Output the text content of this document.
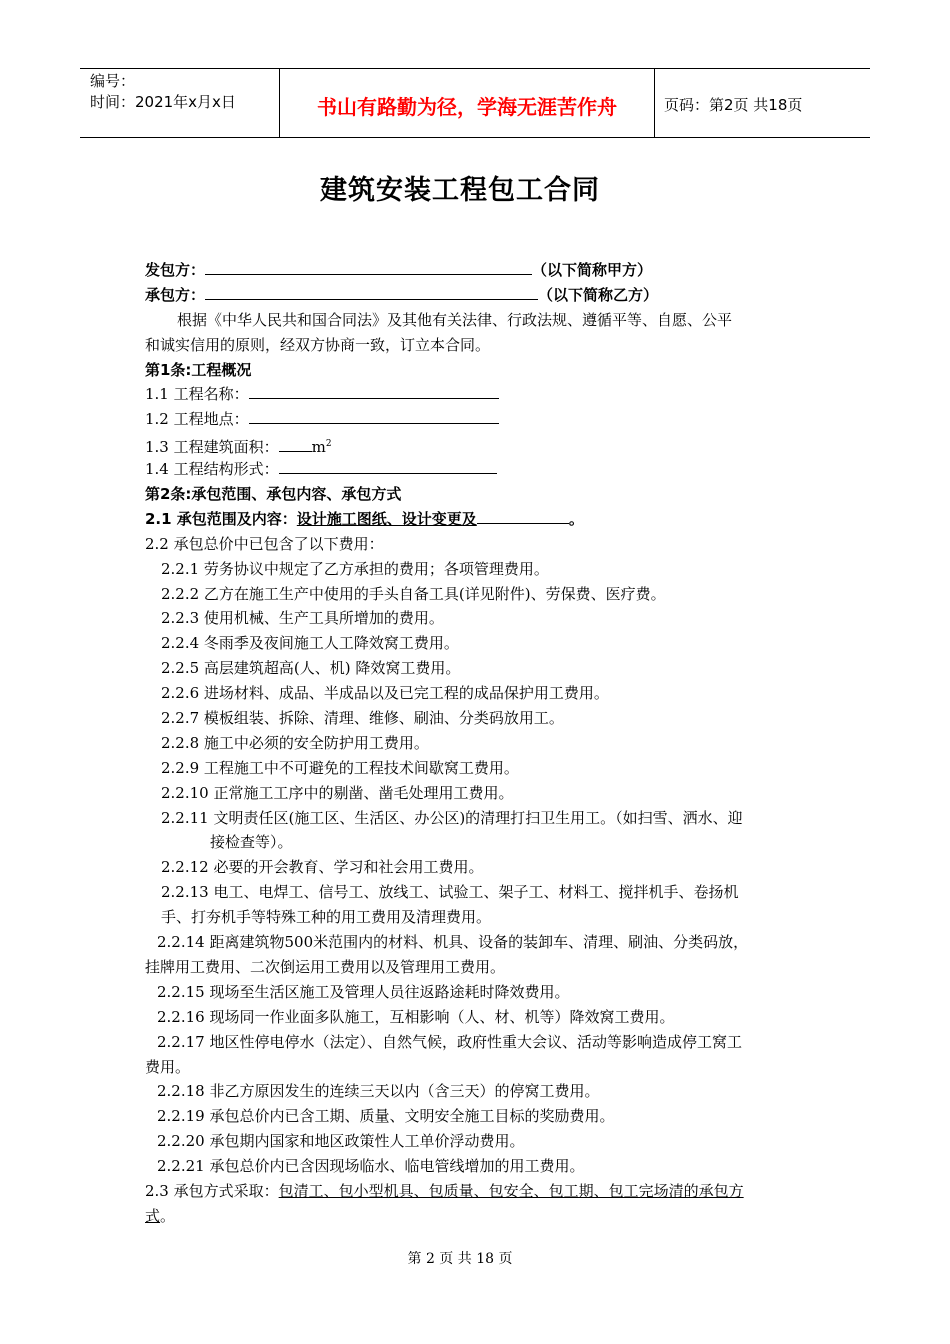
编号：
时间：2021年x月x日	书山有路勤为径，学海无涯苦作舟	页码：第2页 共18页
建筑安装工程包工合同
发包方：	（以下简称甲方）
承包方：	（以下简称乙方）
根据《中华人民共和国合同法》及其他有关法律、行政法规、遵循平等、自愿、公平
和诚实信用的原则，经双方协商一致，订立本合同。
第1条:工程概况
1.1 工程名称：
1.2 工程地点：
1.3 工程建筑面积： $m^2$
1.4 工程结构形式：
第2条:承包范围、承包内容、承包方式
2.1 承包范围及内容：设计施工图纸、设计变更及	。
2.2 承包总价中已包含了以下费用：
2.2.1 劳务协议中规定了乙方承担的费用；各项管理费用。
2.2.2 乙方在施工生产中使用的手头自备工具(详见附件)、劳保费、医疗费。
2.2.3 使用机械、生产工具所增加的费用。
2.2.4 冬雨季及夜间施工人工降效窝工费用。
2.2.5 高层建筑超高(人、机) 降效窝工费用。
2.2.6 进场材料、成品、半成品以及已完工程的成品保护用工费用。
2.2.7 模板组装、拆除、清理、维修、刷油、分类码放用工。
2.2.8 施工中必须的安全防护用工费用。
2.2.9 工程施工中不可避免的工程技术间歇窝工费用。
2.2.10 正常施工工序中的剔凿、凿毛处理用工费用。
2.2.11 文明责任区(施工区、生活区、办公区)的清理打扫卫生用工。（如扫雪、洒水、迎
接检查等）。
2.2.12 必要的开会教育、学习和社会用工费用。
2.2.13 电工、电焊工、信号工、放线工、试验工、架子工、材料工、搅拌机手、卷扬机
手、打夯机手等特殊工种的用工费用及清理费用。
2.2.14 距离建筑物500米范围内的材料、机具、设备的装卸车、清理、刷油、分类码放，
挂牌用工费用、二次倒运用工费用以及管理用工费用。
2.2.15 现场至生活区施工及管理人员往返路途耗时降效费用。
2.2.16 现场同一作业面多队施工，互相影响（人、材、机等）降效窝工费用。
2.2.17 地区性停电停水（法定）、自然气候，政府性重大会议、活动等影响造成停工窝工
费用。
2.2.18 非乙方原因发生的连续三天以内（含三天）的停窝工费用。
2.2.19 承包总价内已含工期、质量、文明安全施工目标的奖励费用。
2.2.20 承包期内国家和地区政策性人工单价浮动费用。
2.2.21 承包总价内已含因现场临水、临电管线增加的用工费用。
2.3 承包方式采取：包清工、包小型机具、包质量、包安全、包工期、包工完场清的承包方
式。
第 2 页 共 18 页
